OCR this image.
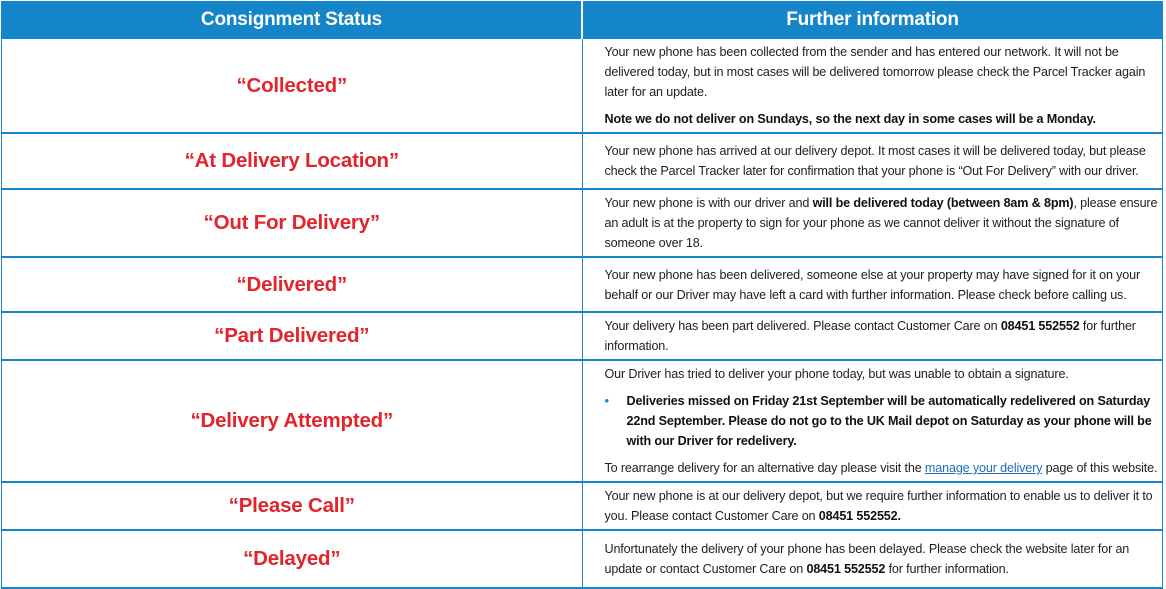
Consignment Status	Further information
“Collected”	Your new phone has been collected from the sender and has entered our network. It will not be delivered today, but in most cases will be delivered tomorrow please check the Parcel Tracker again later for an update.

Note we do not deliver on Sundays, so the next day in some cases will be a Monday.

“At Delivery Location”	Your new phone has arrived at our delivery depot. It most cases it will be delivered today, but please check the Parcel Tracker later for confirmation that your phone is “Out For Delivery” with our driver.

“Out For Delivery”	Your new phone is with our driver and will be delivered today (between 8am & 8pm), please ensure an adult is at the property to sign for your phone as we cannot deliver it without the signature of someone over 18.

“Delivered”	Your new phone has been delivered, someone else at your property may have signed for it on your behalf or our Driver may have left a card with further information. Please check before calling us.

“Part Delivered”	Your delivery has been part delivered. Please contact Customer Care on 08451 552552 for further information.

“Delivery Attempted”	Our Driver has tried to deliver your phone today, but was unable to obtain a signature.

• Deliveries missed on Friday 21st September will be automatically redelivered on Saturday 22nd September. Please do not go to the UK Mail depot on Saturday as your phone will be with our Driver for redelivery.

To rearrange delivery for an alternative day please visit the manage your delivery page of this website.

“Please Call”	Your new phone is at our delivery depot, but we require further information to enable us to deliver it to you. Please contact Customer Care on 08451 552552.

“Delayed”	Unfortunately the delivery of your phone has been delayed. Please check the website later for an update or contact Customer Care on 08451 552552 for further information.
